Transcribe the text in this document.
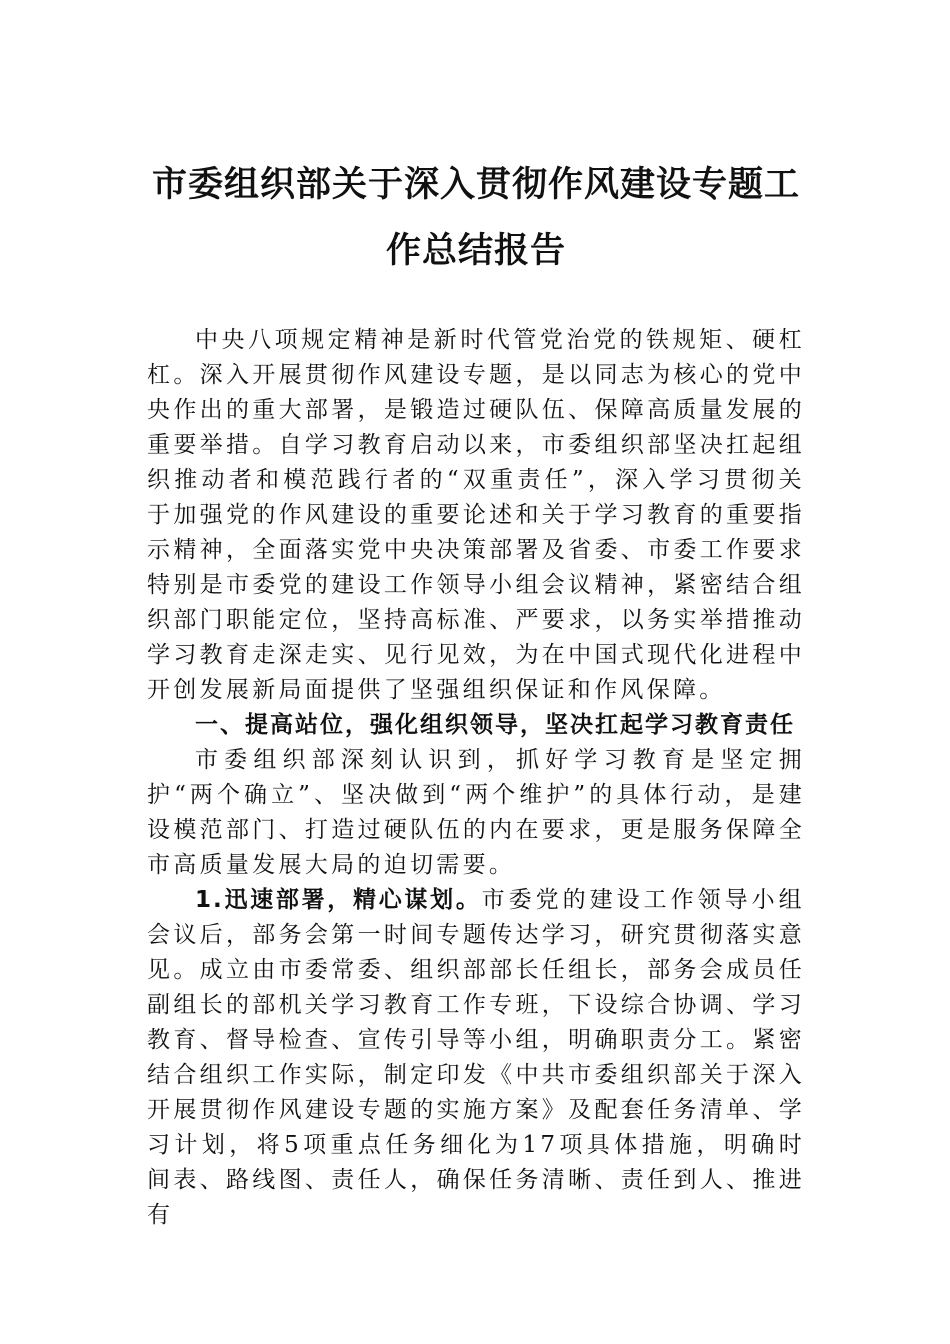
市委组织部关于深入贯彻作风建设专题工
作总结报告

中央八项规定精神是新时代管党治党的铁规矩、硬杠杠。深入开展贯彻作风建设专题，是以同志为核心的党中央作出的重大部署，是锻造过硬队伍、保障高质量发展的重要举措。自学习教育启动以来，市委组织部坚决扛起组织推动者和模范践行者的“双重责任”，深入学习贯彻关于加强党的作风建设的重要论述和关于学习教育的重要指示精神，全面落实党中央决策部署及省委、市委工作要求特别是市委党的建设工作领导小组会议精神，紧密结合组织部门职能定位，坚持高标准、严要求，以务实举措推动学习教育走深走实、见行见效，为在中国式现代化进程中开创发展新局面提供了坚强组织保证和作风保障。

一、提高站位，强化组织领导，坚决扛起学习教育责任

市委组织部深刻认识到，抓好学习教育是坚定拥护“两个确立”、坚决做到“两个维护”的具体行动，是建设模范部门、打造过硬队伍的内在要求，更是服务保障全市高质量发展大局的迫切需要。

1.迅速部署，精心谋划。市委党的建设工作领导小组会议后，部务会第一时间专题传达学习，研究贯彻落实意见。成立由市委常委、组织部部长任组长，部务会成员任副组长的部机关学习教育工作专班，下设综合协调、学习教育、督导检查、宣传引导等小组，明确职责分工。紧密结合组织工作实际，制定印发《中共市委组织部关于深入开展贯彻作风建设专题的实施方案》及配套任务清单、学习计划，将5项重点任务细化为17项具体措施，明确时间表、路线图、责任人，确保任务清晰、责任到人、推进有
